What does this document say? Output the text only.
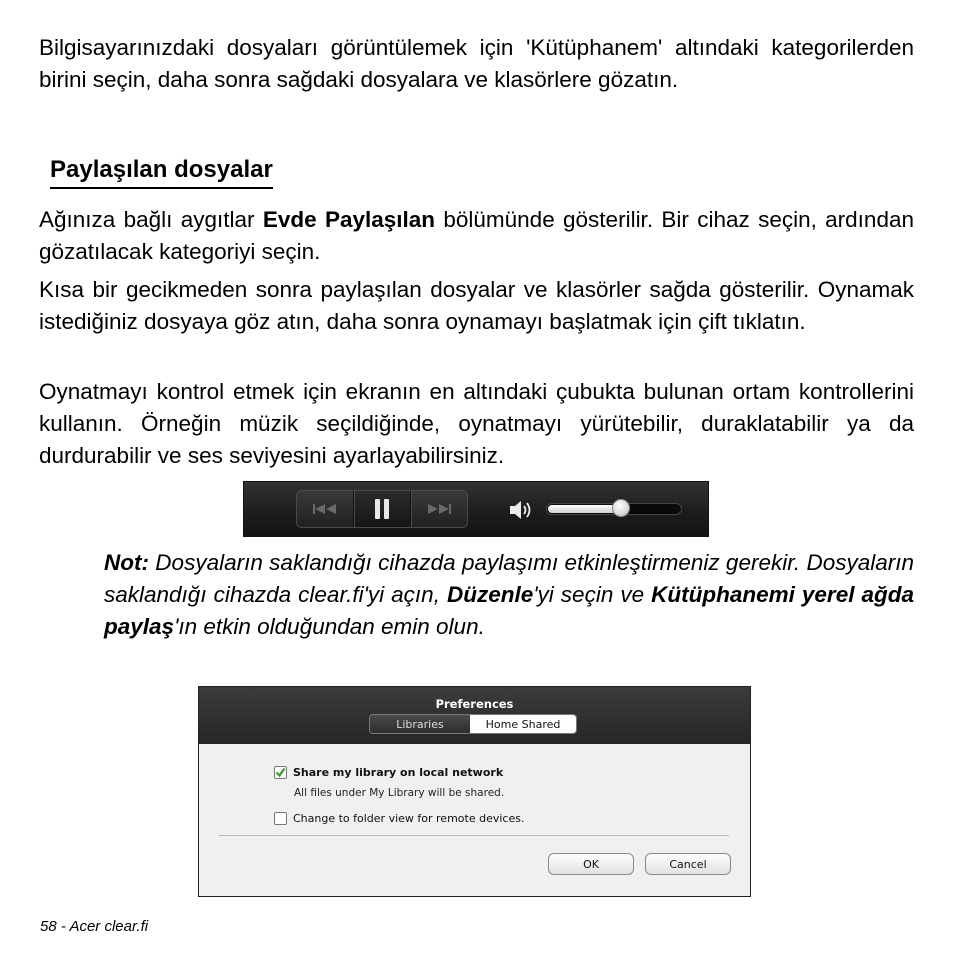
Bilgisayarınızdaki dosyaları görüntülemek için 'Kütüphanem' altındaki kategorilerden birini seçin, daha sonra sağdaki dosyalara ve klasörlere gözatın.

Paylaşılan dosyalar

Ağınıza bağlı aygıtlar Evde Paylaşılan bölümünde gösterilir. Bir cihaz seçin, ardından gözatılacak kategoriyi seçin.

Kısa bir gecikmeden sonra paylaşılan dosyalar ve klasörler sağda gösterilir. Oynamak istediğiniz dosyaya göz atın, daha sonra oynamayı başlatmak için çift tıklatın.

Oynatmayı kontrol etmek için ekranın en altındaki çubukta bulunan ortam kontrollerini kullanın. Örneğin müzik seçildiğinde, oynatmayı yürütebilir, duraklatabilir ya da durdurabilir ve ses seviyesini ayarlayabilirsiniz.

Not: Dosyaların saklandığı cihazda paylaşımı etkinleştirmeniz gerekir. Dosyaların saklandığı cihazda clear.fi'yi açın, Düzenle'yi seçin ve Kütüphanemi yerel ağda paylaş'ın etkin olduğundan emin olun.

Preferences
Libraries	Home Shared
Share my library on local network
All files under My Library will be shared.
Change to folder view for remote devices.
OK	Cancel
58 - Acer clear.fi
